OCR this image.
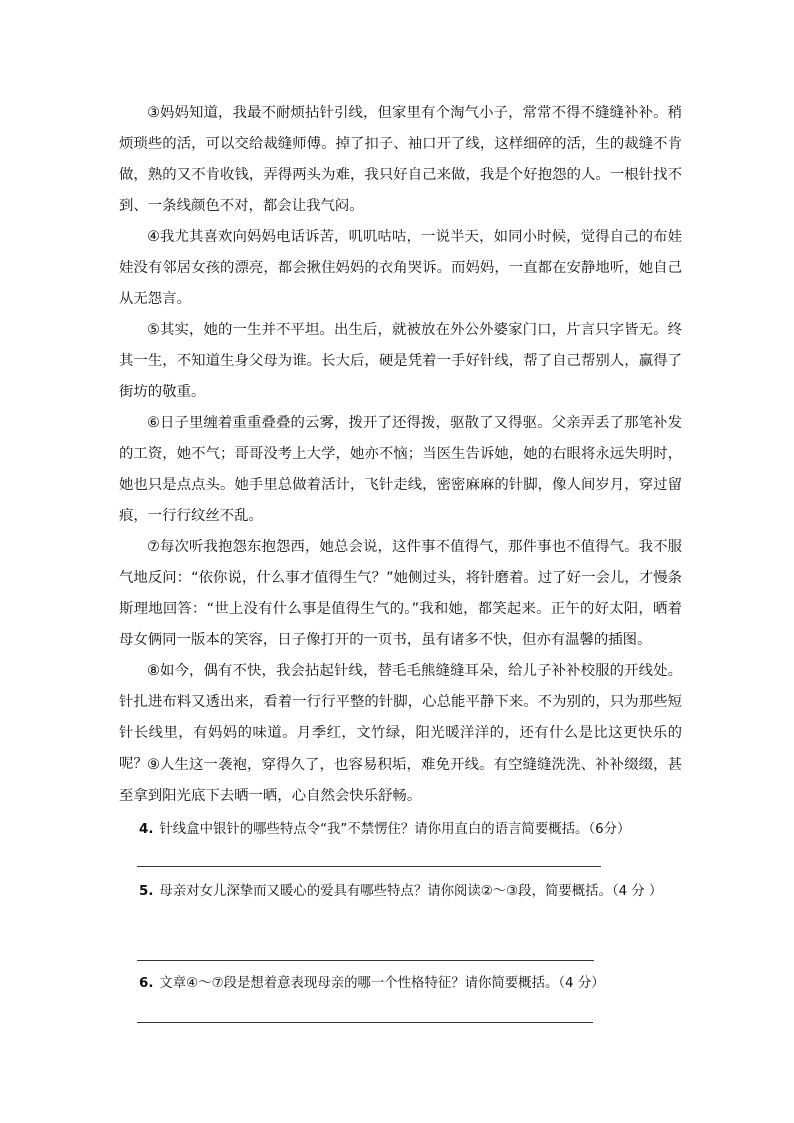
③妈妈知道，我最不耐烦拈针引线，但家里有个淘气小子，常常不得不缝缝补补。稍烦琐些的活，可以交给裁缝师傅。掉了扣子、袖口开了线，这样细碎的活，生的裁缝不肯做，熟的又不肯收钱，弄得两头为难，我只好自己来做，我是个好抱怨的人。一根针找不到、一条线颜色不对，都会让我气闷。

④我尤其喜欢向妈妈电话诉苦，叽叽咕咕，一说半天，如同小时候，觉得自己的布娃娃没有邻居女孩的漂亮，都会揪住妈妈的衣角哭诉。而妈妈，一直都在安静地听，她自己从无怨言。

⑤其实，她的一生并不平坦。出生后，就被放在外公外婆家门口，片言只字皆无。终其一生，不知道生身父母为谁。长大后，硬是凭着一手好针线，帮了自己帮别人，赢得了街坊的敬重。

⑥日子里缠着重重叠叠的云雾，拨开了还得拨，驱散了又得驱。父亲弄丢了那笔补发的工资，她不气；哥哥没考上大学，她亦不恼；当医生告诉她，她的右眼将永远失明时，她也只是点点头。她手里总做着活计，飞针走线，密密麻麻的针脚，像人间岁月，穿过留痕，一行行纹丝不乱。

⑦每次听我抱怨东抱怨西，她总会说，这件事不值得气，那件事也不值得气。我不服气地反问：“依你说，什么事才值得生气？”她侧过头，将针磨着。过了好一会儿，才慢条斯理地回答：“世上没有什么事是值得生气的。”我和她，都笑起来。正午的好太阳，晒着母女俩同一版本的笑容，日子像打开的一页书，虽有诸多不快，但亦有温馨的插图。

⑧如今，偶有不快，我会拈起针线，替毛毛熊缝缝耳朵，给儿子补补校服的开线处。针扎进布料又透出来，看着一行行平整的针脚，心总能平静下来。不为别的，只为那些短针长线里，有妈妈的味道。月季红，文竹绿，阳光暖洋洋的，还有什么是比这更快乐的呢？ ⑨人生这一袭袍，穿得久了，也容易积垢，难免开线。有空缝缝洗洗、补补缀缀，甚至拿到阳光底下去晒一晒，心自然会快乐舒畅。

4. 针线盒中银针的哪些特点令“我”不禁愣住？请你用直白的语言简要概括。（6分）

5. 母亲对女儿深挚而又暖心的爱具有哪些特点？请你阅读②～③段，简要概括。（4 分 ）

6. 文章④～⑦段是想着意表现母亲的哪一个性格特征？请你简要概括。（4 分）
